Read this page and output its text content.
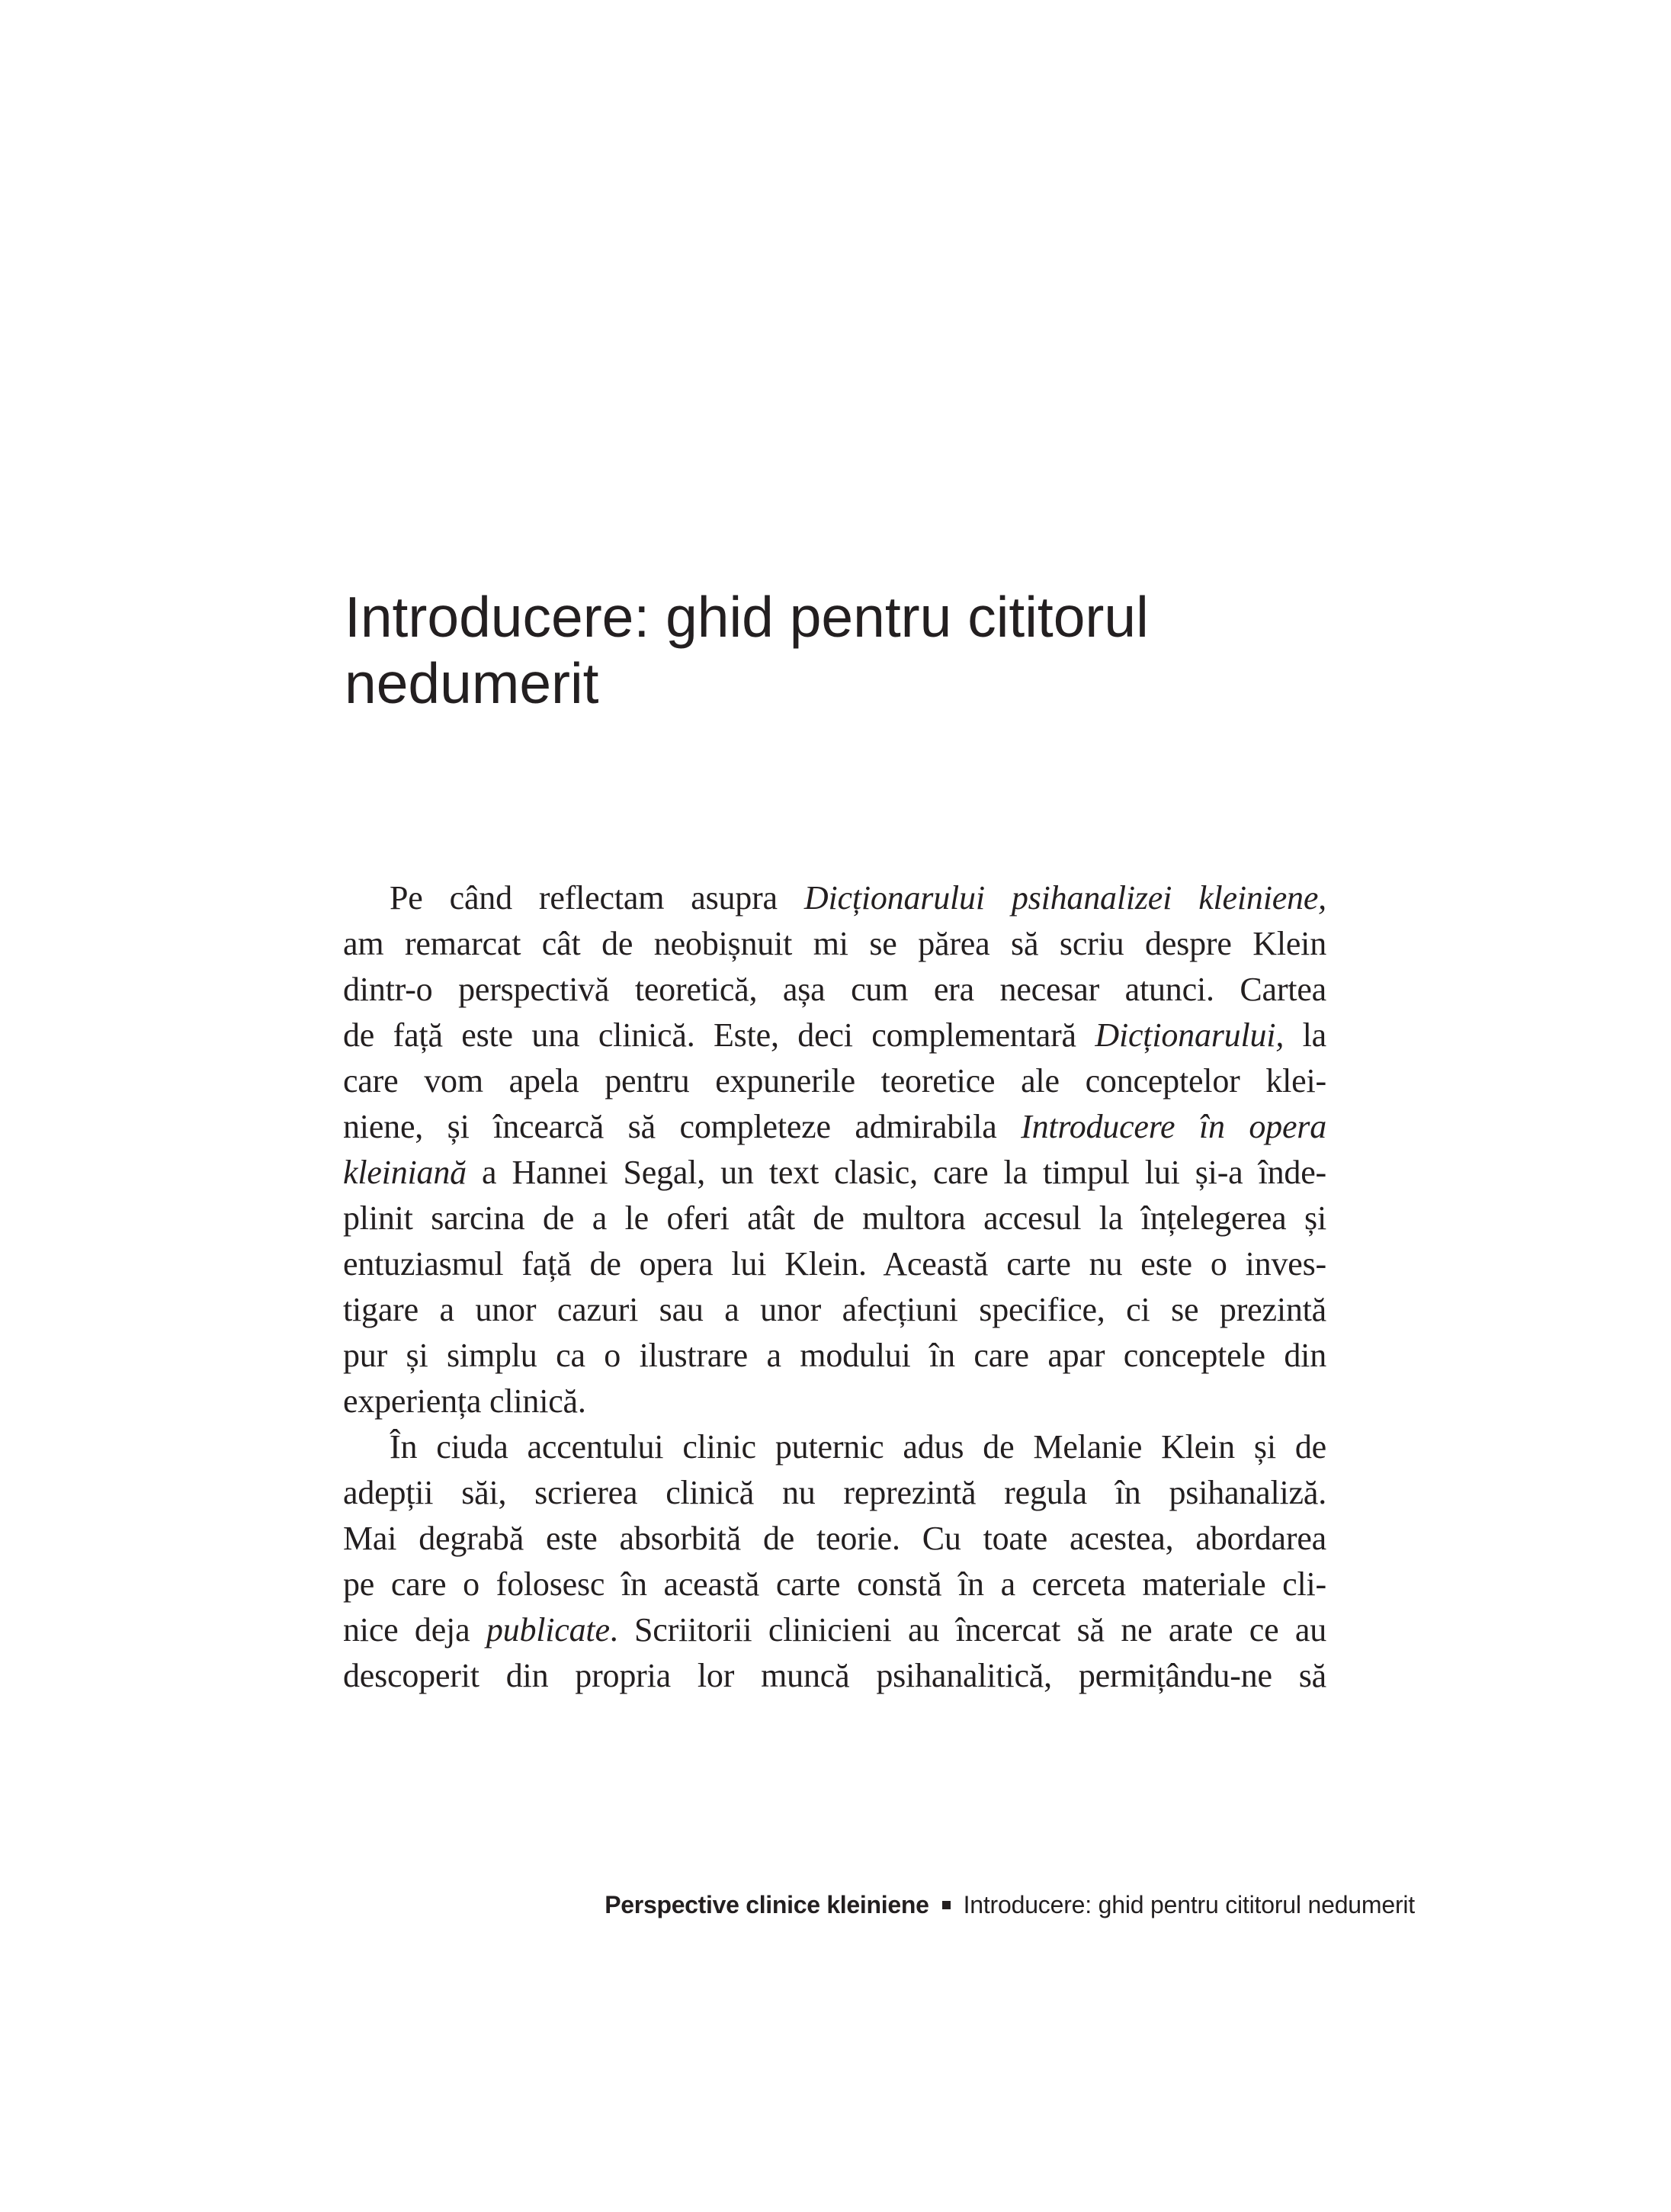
Introducere: ghid pentru cititorul
nedumerit
Pe când reflectam asupra Dicționarului psihanalizei kleiniene,
am remarcat cât de neobișnuit mi se părea să scriu despre Klein
dintr-o perspectivă teoretică, așa cum era necesar atunci. Cartea
de față este una clinică. Este, deci complementară Dicționarului, la
care vom apela pentru expunerile teoretice ale conceptelor klei-
niene, și încearcă să completeze admirabila Introducere în opera
kleiniană a Hannei Segal, un text clasic, care la timpul lui și-a înde-
plinit sarcina de a le oferi atât de multora accesul la înțelegerea și
entuziasmul față de opera lui Klein. Această carte nu este o inves-
tigare a unor cazuri sau a unor afecțiuni specifice, ci se prezintă
pur și simplu ca o ilustrare a modului în care apar conceptele din
experiența clinică.
În ciuda accentului clinic puternic adus de Melanie Klein și de
adepții săi, scrierea clinică nu reprezintă regula în psihanaliză.
Mai degrabă este absorbită de teorie. Cu toate acestea, abordarea
pe care o folosesc în această carte constă în a cerceta materiale cli-
nice deja publicate. Scriitorii clinicieni au încercat să ne arate ce au
descoperit din propria lor muncă psihanalitică, permițându-ne să
Perspective clinice kleiniene Introducere: ghid pentru cititorul nedumerit
